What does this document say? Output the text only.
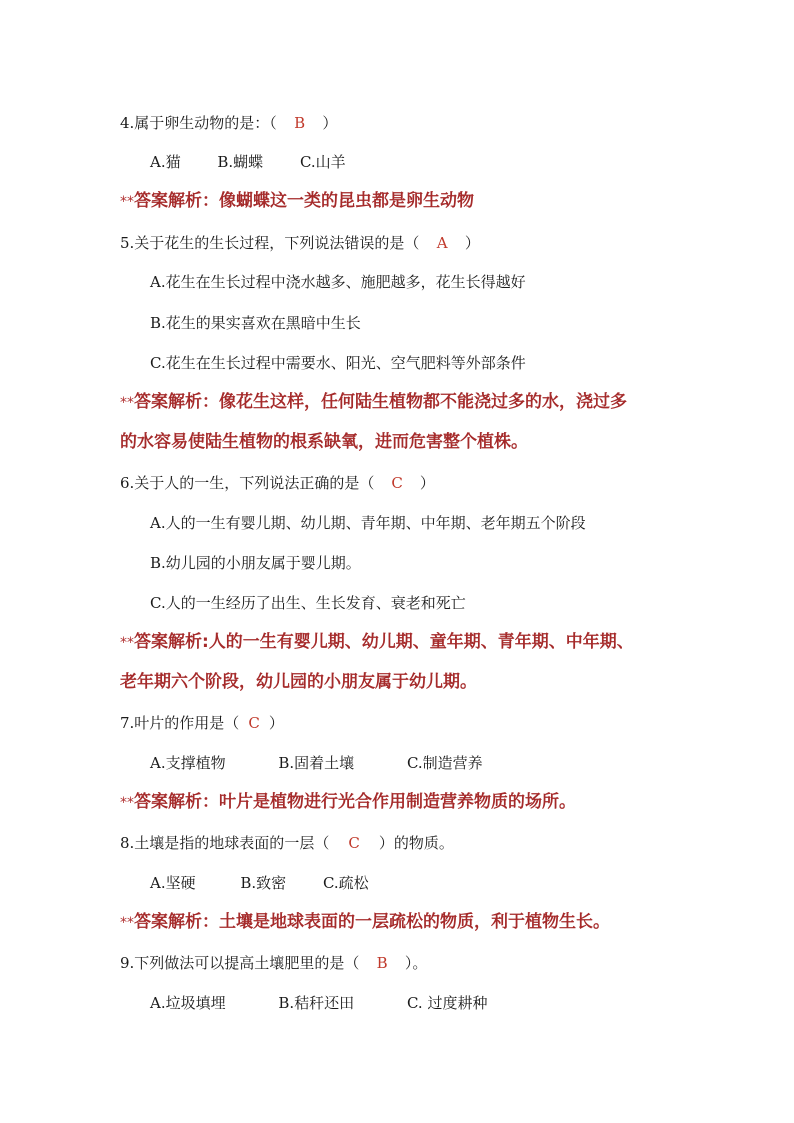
4.属于卵生动物的是：（ B ）
A.猫 B.蝴蝶 C.山羊
**答案解析：像蝴蝶这一类的昆虫都是卵生动物
5.关于花生的生长过程，下列说法错误的是（ A ）
A.花生在生长过程中浇水越多、施肥越多，花生长得越好
B.花生的果实喜欢在黑暗中生长
C.花生在生长过程中需要水、阳光、空气肥料等外部条件
**答案解析：像花生这样，任何陆生植物都不能浇过多的水，浇过多
的水容易使陆生植物的根系缺氧，进而危害整个植株。
6.关于人的一生，下列说法正确的是（ C ）
A.人的一生有婴儿期、幼儿期、青年期、中年期、老年期五个阶段
B.幼儿园的小朋友属于婴儿期。
C.人的一生经历了出生、生长发育、衰老和死亡
**答案解析:人的一生有婴儿期、幼儿期、童年期、青年期、中年期、
老年期六个阶段，幼儿园的小朋友属于幼儿期。
7.叶片的作用是（ C ）
A.支撑植物	B.固着土壤	C.制造营养
**答案解析：叶片是植物进行光合作用制造营养物质的场所。
8.土壤是指的地球表面的一层（ C ）的物质。
A.坚硬	B.致密 C.疏松
**答案解析：土壤是地球表面的一层疏松的物质，利于植物生长。
9.下列做法可以提高土壤肥里的是（ B ）。
A.垃圾填埋	B.秸秆还田	C. 过度耕种
